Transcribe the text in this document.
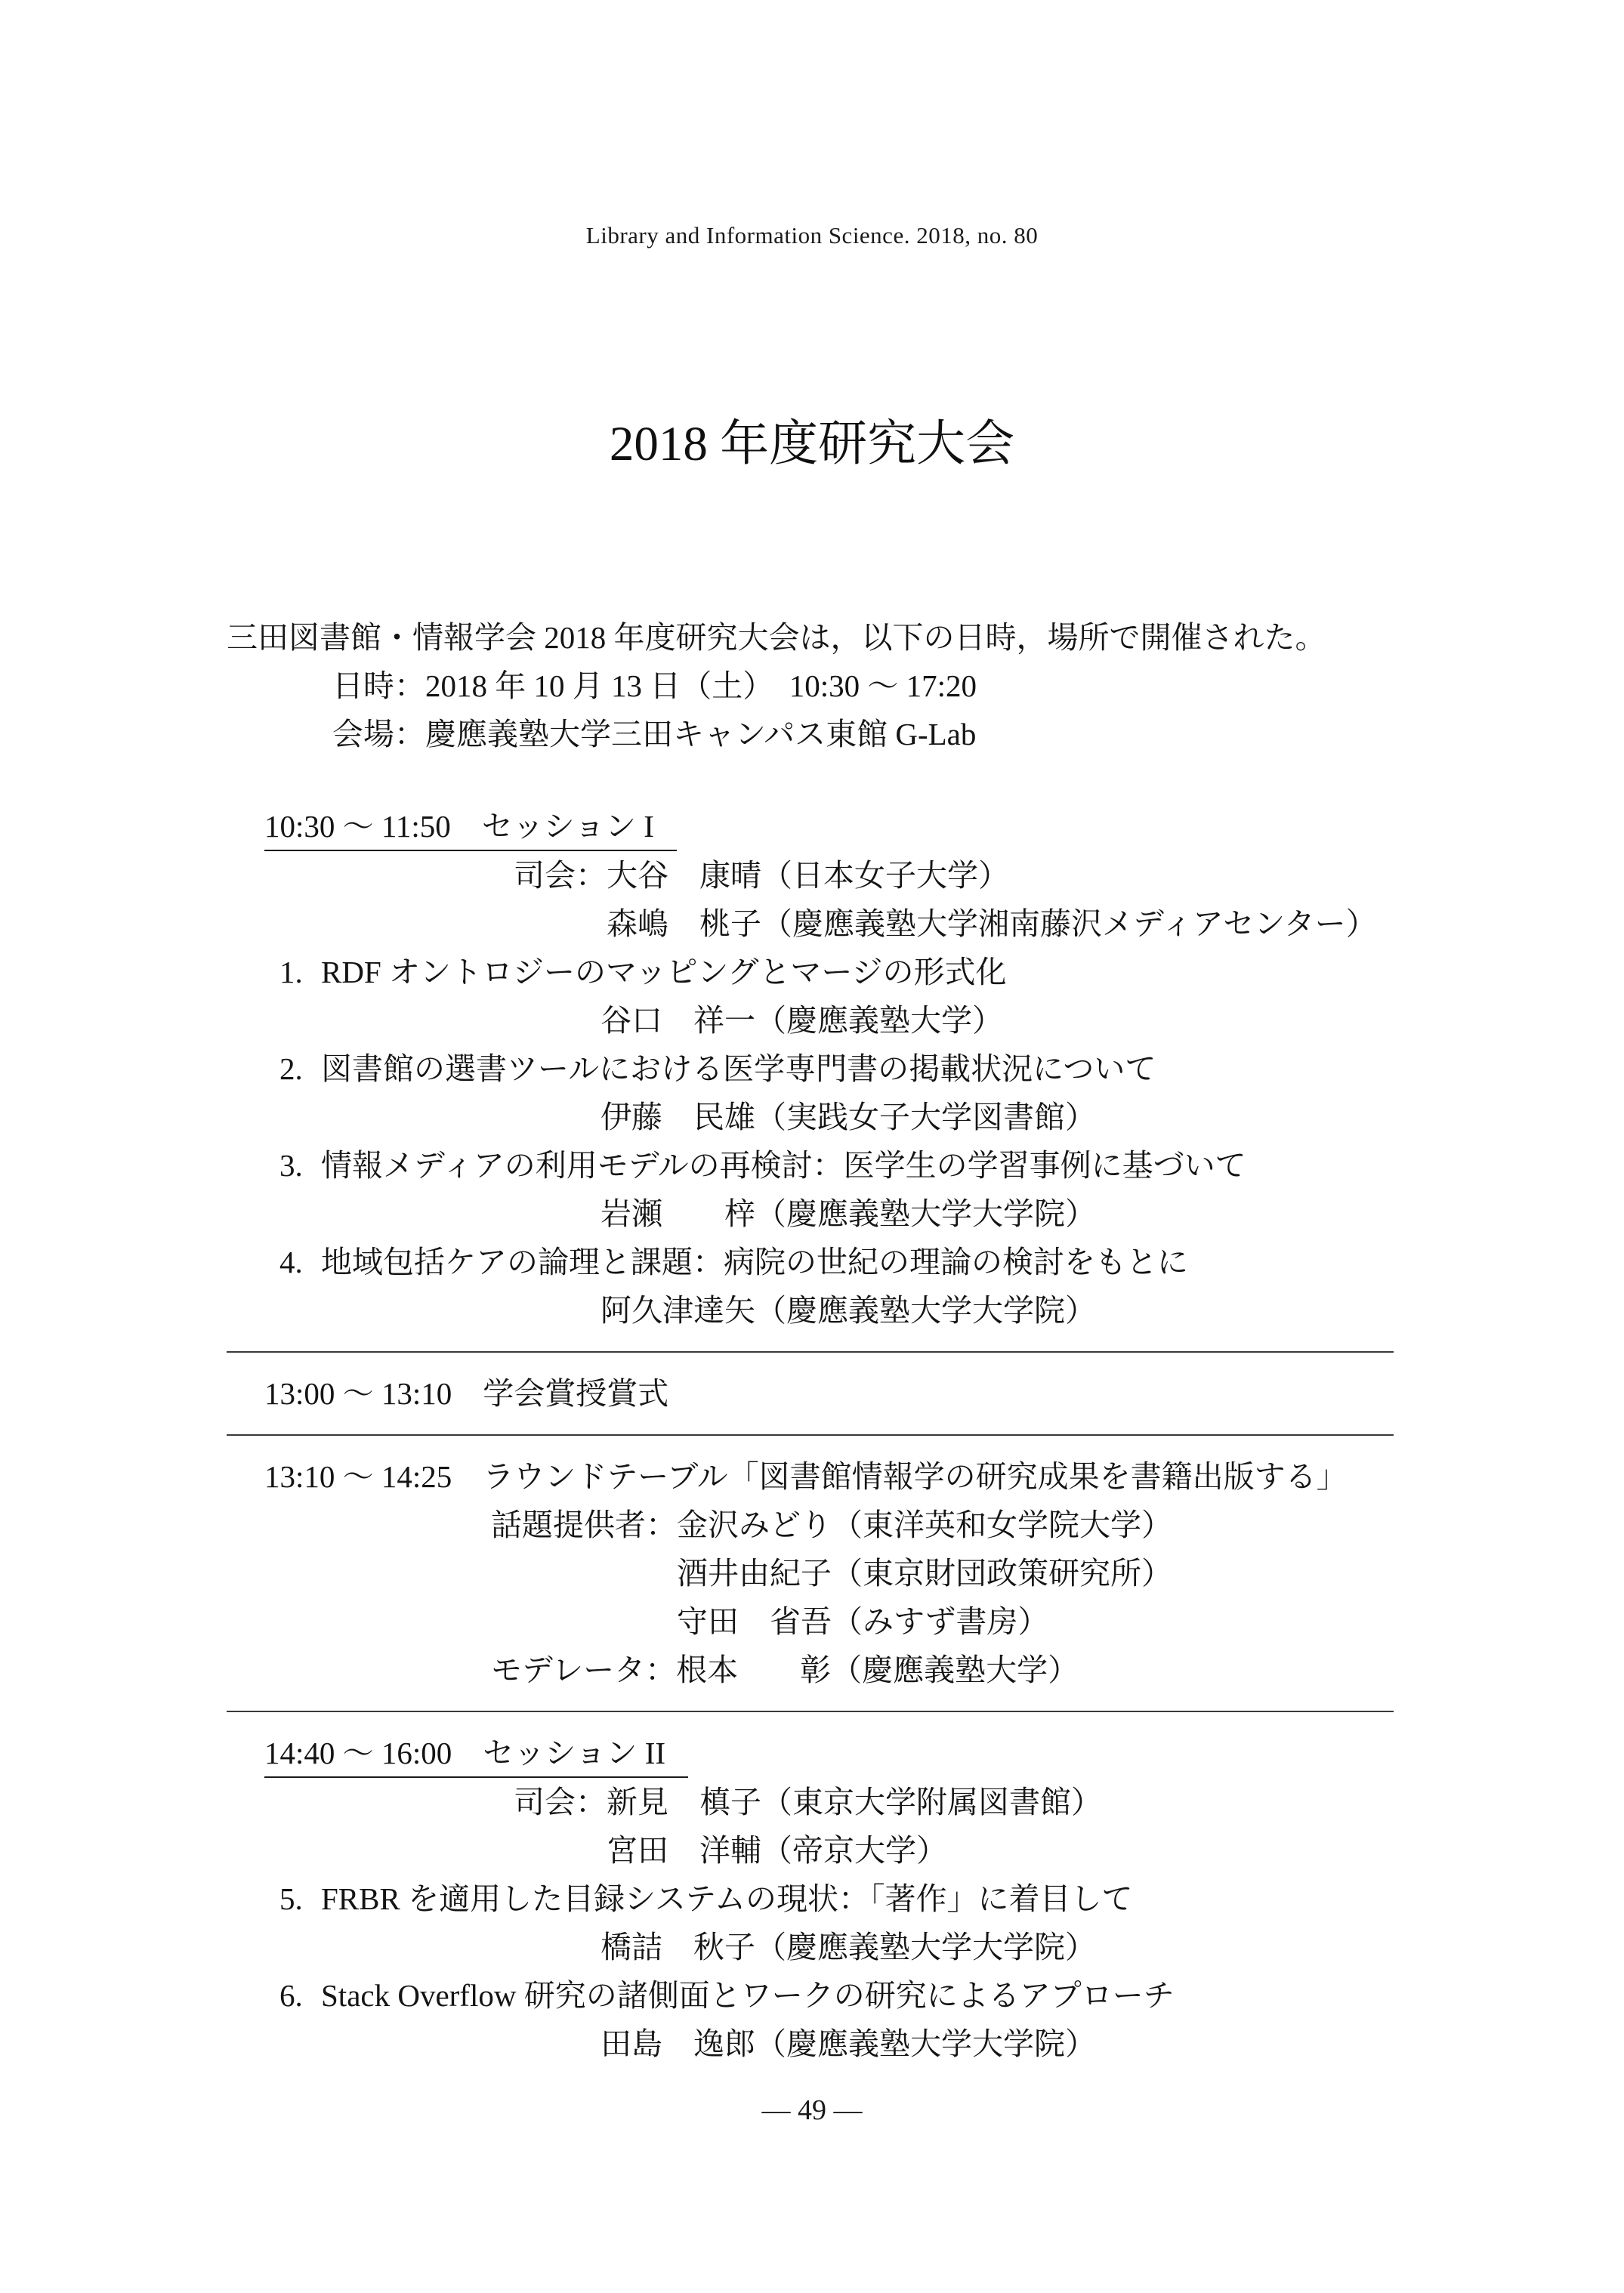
Library and Information Science. 2018, no. 80
2018 年度研究大会

三田図書館・情報学会 2018 年度研究大会は，以下の日時，場所で開催された。

日時：2018 年 10 月 13 日（土）　10:30 ～ 17:20

会場：慶應義塾大学三田キャンパス東館 G-Lab

10:30 ～ 11:50　セッション I

司会：大谷　康晴（日本女子大学）

森嶋　桃子（慶應義塾大学湘南藤沢メディアセンター）

1. RDF オントロジーのマッピングとマージの形式化

谷口　祥一（慶應義塾大学）

2. 図書館の選書ツールにおける医学専門書の掲載状況について

伊藤　民雄（実践女子大学図書館）

3. 情報メディアの利用モデルの再検討：医学生の学習事例に基づいて

岩瀬　　梓（慶應義塾大学大学院）

4. 地域包括ケアの論理と課題：病院の世紀の理論の検討をもとに

阿久津達矢（慶應義塾大学大学院）

13:00 ～ 13:10　学会賞授賞式

13:10 ～ 14:25　ラウンドテーブル「図書館情報学の研究成果を書籍出版する」

話題提供者：金沢みどり（東洋英和女学院大学）

酒井由紀子（東京財団政策研究所）

守田　省吾（みすず書房）

モデレータ：根本　　彰（慶應義塾大学）

14:40 ～ 16:00　セッション II

司会：新見　槙子（東京大学附属図書館）

宮田　洋輔（帝京大学）

5. FRBR を適用した目録システムの現状：「著作」に着目して

橋詰　秋子（慶應義塾大学大学院）

6. Stack Overflow 研究の諸側面とワークの研究によるアプローチ

田島　逸郎（慶應義塾大学大学院）

― 49 ―
